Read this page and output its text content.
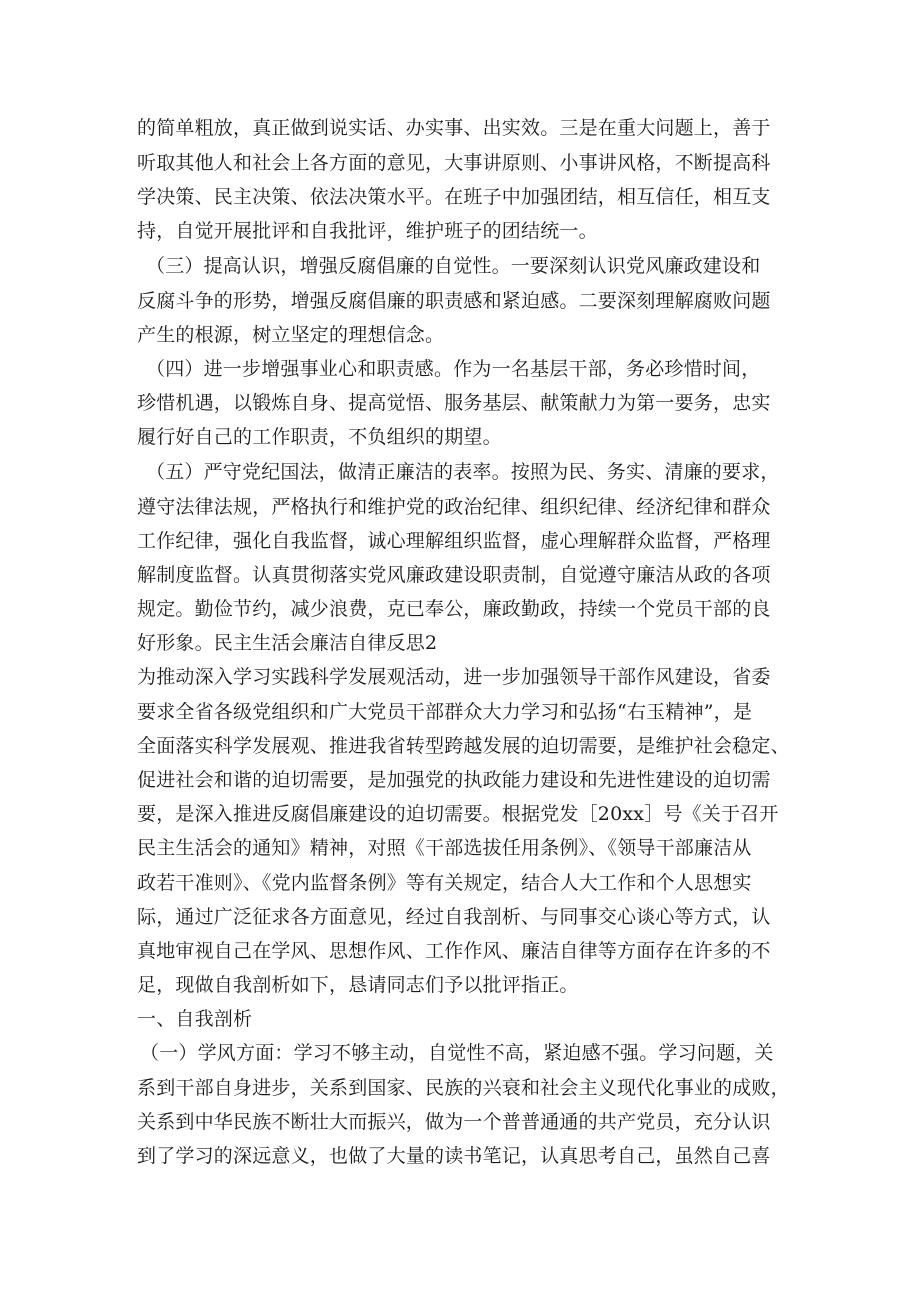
的简单粗放，真正做到说实话、办实事、出实效。三是在重大问题上，善于
听取其他人和社会上各方面的意见，大事讲原则、小事讲风格，不断提高科
学决策、民主决策、依法决策水平。在班子中加强团结，相互信任，相互支
持，自觉开展批评和自我批评，维护班子的团结统一。
（三）提高认识，增强反腐倡廉的自觉性。一要深刻认识党风廉政建设和
反腐斗争的形势，增强反腐倡廉的职责感和紧迫感。二要深刻理解腐败问题
产生的根源，树立坚定的理想信念。
（四）进一步增强事业心和职责感。作为一名基层干部，务必珍惜时间，
珍惜机遇，以锻炼自身、提高觉悟、服务基层、献策献力为第一要务，忠实
履行好自己的工作职责，不负组织的期望。
（五）严守党纪国法，做清正廉洁的表率。按照为民、务实、清廉的要求，
遵守法律法规，严格执行和维护党的政治纪律、组织纪律、经济纪律和群众
工作纪律，强化自我监督，诚心理解组织监督，虚心理解群众监督，严格理
解制度监督。认真贯彻落实党风廉政建设职责制，自觉遵守廉洁从政的各项
规定。勤俭节约，减少浪费，克已奉公，廉政勤政，持续一个党员干部的良
好形象。民主生活会廉洁自律反思2
为推动深入学习实践科学发展观活动，进一步加强领导干部作风建设，省委
要求全省各级党组织和广大党员干部群众大力学习和弘扬“右玉精神”，是
全面落实科学发展观、推进我省转型跨越发展的迫切需要，是维护社会稳定、
促进社会和谐的迫切需要，是加强党的执政能力建设和先进性建设的迫切需
要，是深入推进反腐倡廉建设的迫切需要。根据党发［20xx］号《关于召开
民主生活会的通知》精神，对照《干部选拔任用条例》、《领导干部廉洁从
政若干准则》、《党内监督条例》等有关规定，结合人大工作和个人思想实
际，通过广泛征求各方面意见，经过自我剖析、与同事交心谈心等方式，认
真地审视自己在学风、思想作风、工作作风、廉洁自律等方面存在许多的不
足，现做自我剖析如下，恳请同志们予以批评指正。
一、自我剖析
（一）学风方面：学习不够主动，自觉性不高，紧迫感不强。学习问题，关
系到干部自身进步，关系到国家、民族的兴衰和社会主义现代化事业的成败，
关系到中华民族不断壮大而振兴，做为一个普普通通的共产党员，充分认识
到了学习的深远意义，也做了大量的读书笔记，认真思考自己，虽然自己喜
